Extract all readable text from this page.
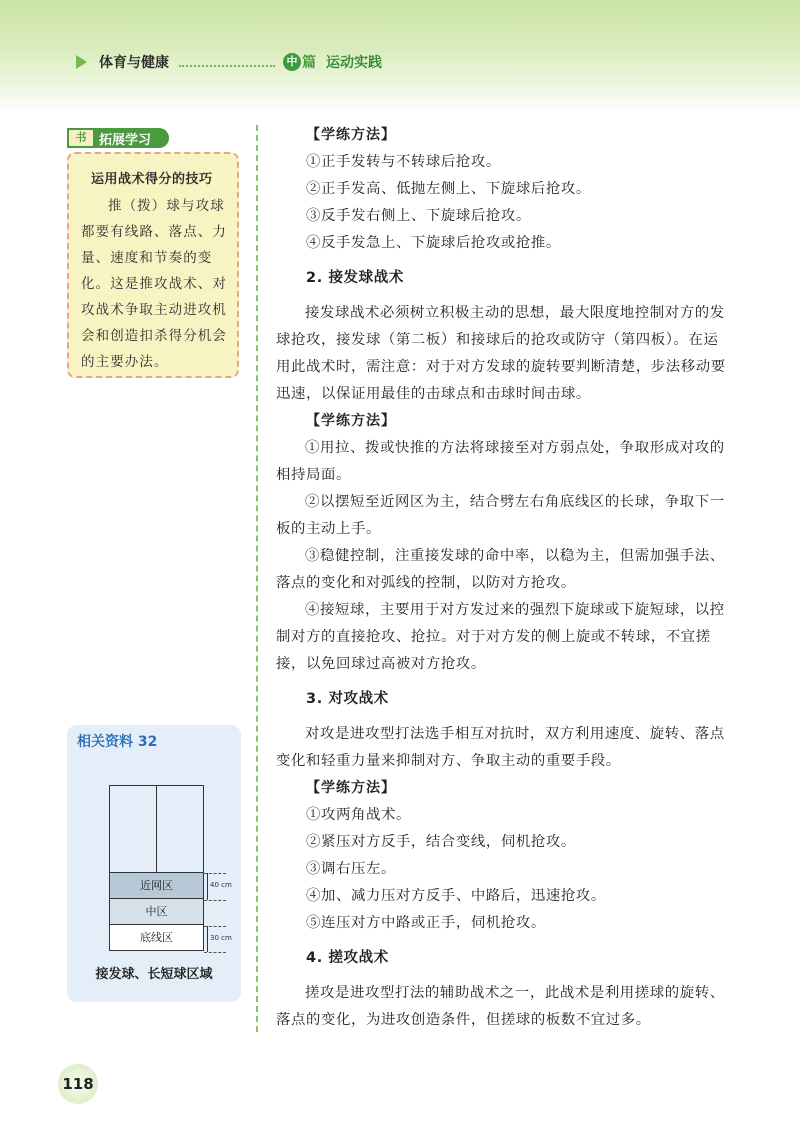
体育与健康	中 篇 运动实践
书 拓展学习
运用战术得分的技巧
推（拨）球与攻球都要有线路、落点、力量、速度和节奏的变化。这是推攻战术、对攻战术争取主动进攻机会和创造扣杀得分机会的主要办法。
相关资料 32
近网区
中区
底线区
40 cm
30 cm
接发球、长短球区域
【学练方法】
①正手发转与不转球后抢攻。
②正手发高、低抛左侧上、下旋球后抢攻。
③反手发右侧上、下旋球后抢攻。
④反手发急上、下旋球后抢攻或抢推。
2. 接发球战术
接发球战术必须树立积极主动的思想，最大限度地控制对方的发球抢攻，接发球（第二板）和接球后的抢攻或防守（第四板）。在运用此战术时，需注意：对于对方发球的旋转要判断清楚，步法移动要迅速，以保证用最佳的击球点和击球时间击球。
【学练方法】
①用拉、拨或快推的方法将球接至对方弱点处，争取形成对攻的相持局面。
②以摆短至近网区为主，结合劈左右角底线区的长球，争取下一板的主动上手。
③稳健控制，注重接发球的命中率，以稳为主，但需加强手法、落点的变化和对弧线的控制，以防对方抢攻。
④接短球，主要用于对方发过来的强烈下旋球或下旋短球，以控制对方的直接抢攻、抢拉。对于对方发的侧上旋或不转球，不宜搓接，以免回球过高被对方抢攻。
3. 对攻战术
对攻是进攻型打法选手相互对抗时，双方利用速度、旋转、落点变化和轻重力量来抑制对方、争取主动的重要手段。
【学练方法】
①攻两角战术。
②紧压对方反手，结合变线，伺机抢攻。
③调右压左。
④加、减力压对方反手、中路后，迅速抢攻。
⑤连压对方中路或正手，伺机抢攻。
4. 搓攻战术
搓攻是进攻型打法的辅助战术之一，此战术是利用搓球的旋转、落点的变化，为进攻创造条件，但搓球的板数不宜过多。
118
